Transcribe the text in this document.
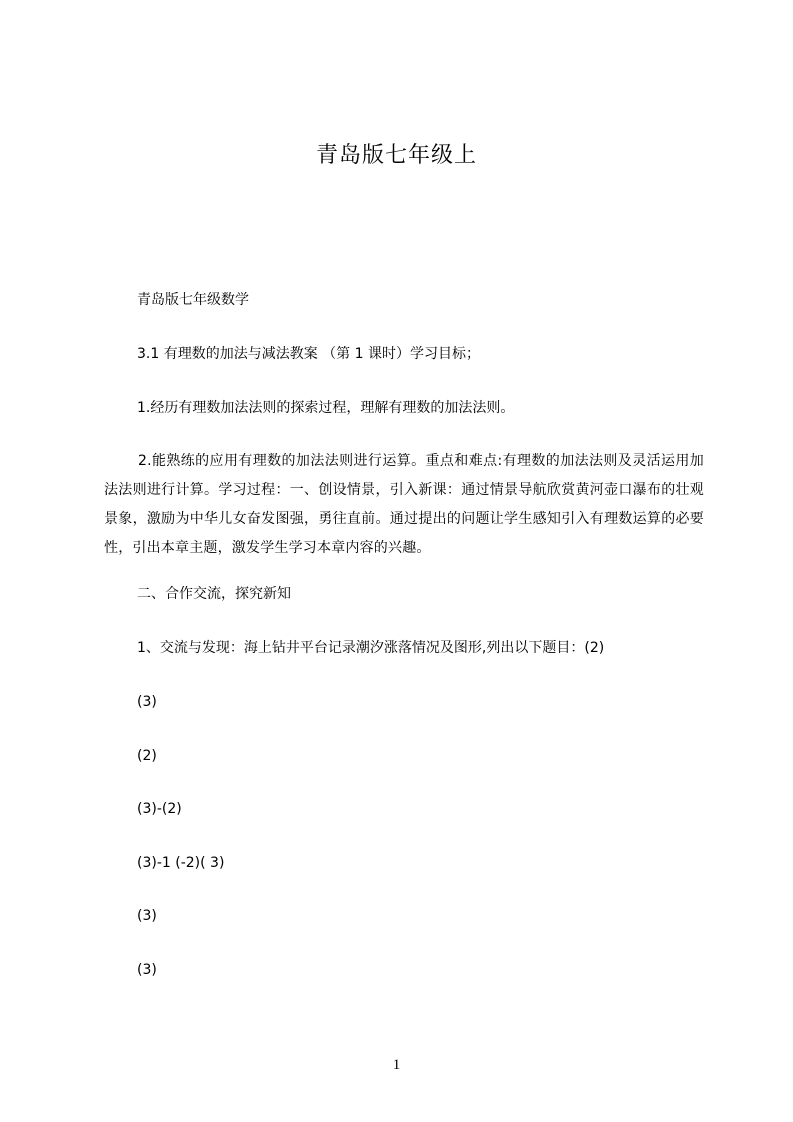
青岛版七年级上
青岛版七年级数学
3.1 有理数的加法与减法教案 （第 1 课时）学习目标；
1.经历有理数加法法则的探索过程，理解有理数的加法法则。
2.能熟练的应用有理数的加法法则进行运算。重点和难点:有理数的加法法则及灵活运用加法法则进行计算。学习过程：一、创设情景，引入新课：通过情景导航欣赏黄河壶口瀑布的壮观景象，激励为中华儿女奋发图强，勇往直前。通过提出的问题让学生感知引入有理数运算的必要性，引出本章主题，激发学生学习本章内容的兴趣。
二、合作交流，探究新知
1、交流与发现：海上钻井平台记录潮汐涨落情况及图形,列出以下题目：(2)
(3)
(2)
(3)-(2)
(3)-1 (-2)( 3)
(3)
(3)
1
